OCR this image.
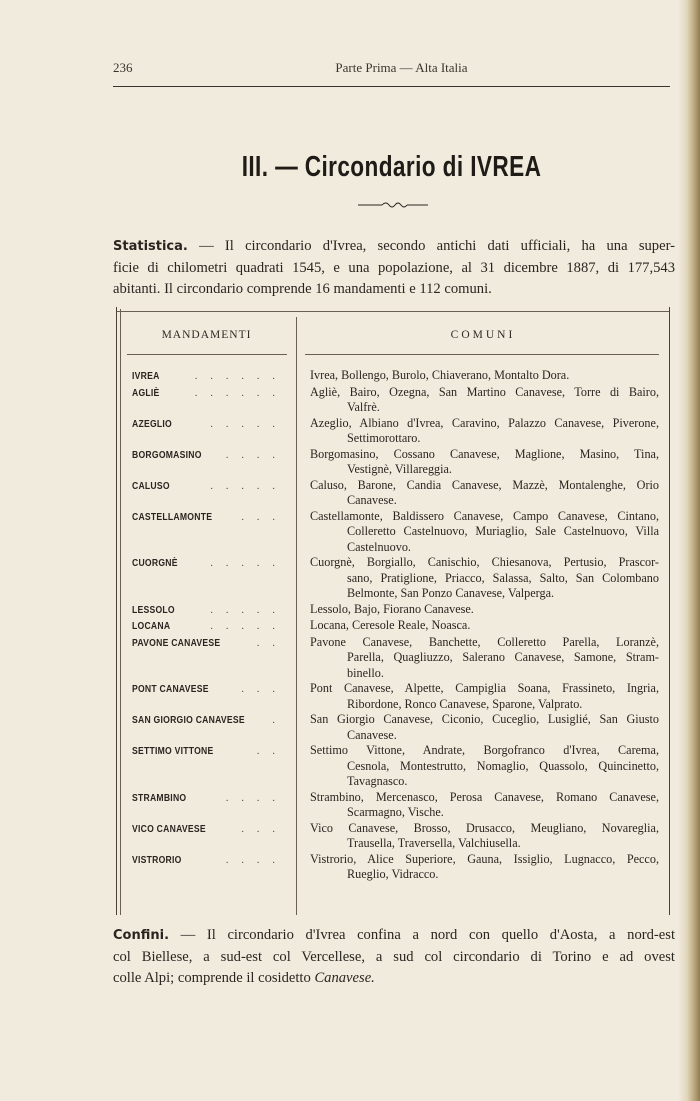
236	Parte Prima — Alta Italia
III. — Circondario di IVREA
Statistica. — Il circondario d'Ivrea, secondo antichi dati ufficiali, ha una super-
ficie di chilometri quadrati 1545, e una popolazione, al 31 dicembre 1887, di 177,543
abitanti. Il circondario comprende 16 mandamenti e 112 comuni.
MANDAMENTI	COMUNI
IVREA	. . . . . . Ivrea, Bollengo, Burolo, Chiaverano, Montalto Dora.
AGLIÈ	. . . . . . Agliè, Bairo, Ozegna, San Martino Canavese, Torre di Bairo,
Valfrè.
AZEGLIO	. . . . . Azeglio, Albiano d'Ivrea, Caravino, Palazzo Canavese, Piverone,
Settimorottaro.
BORGOMASINO	. . . . Borgomasino, Cossano Canavese, Maglione, Masino, Tina,
Vestignè, Villareggia.
CALUSO	. . . . . Caluso, Barone, Candia Canavese, Mazzè, Montalenghe, Orio
Canavese.
CASTELLAMONTE	. . . Castellamonte, Baldissero Canavese, Campo Canavese, Cintano,
Colleretto Castelnuovo, Muriaglio, Sale Castelnuovo, Villa
Castelnuovo.
CUORGNÈ	. . . . . Cuorgnè, Borgiallo, Canischio, Chiesanova, Pertusio, Prascor-
sano, Pratiglione, Priacco, Salassa, Salto, San Colombano
Belmonte, San Ponzo Canavese, Valperga.
LESSOLO	. . . . . Lessolo, Bajo, Fiorano Canavese.
LOCANA	. . . . . Locana, Ceresole Reale, Noasca.
PAVONE CANAVESE	. . Pavone Canavese, Banchette, Colleretto Parella, Loranzè,
Parella, Quagliuzzo, Salerano Canavese, Samone, Stram-
binello.
PONT CANAVESE	. . . Pont Canavese, Alpette, Campiglia Soana, Frassineto, Ingria,
Ribordone, Ronco Canavese, Sparone, Valprato.
SAN GIORGIO CANAVESE	. San Giorgio Canavese, Ciconio, Cuceglio, Lusiglié, San Giusto
Canavese.
SETTIMO VITTONE	. . Settimo Vittone, Andrate, Borgofranco d'Ivrea, Carema,
Cesnola, Montestrutto, Nomaglio, Quassolo, Quincinetto,
Tavagnasco.
STRAMBINO	. . . . Strambino, Mercenasco, Perosa Canavese, Romano Canavese,
Scarmagno, Vische.
VICO CANAVESE	. . . Vico Canavese, Brosso, Drusacco, Meugliano, Novareglia,
Trausella, Traversella, Valchiusella.
VISTRORIO	. . . . Vistrorio, Alice Superiore, Gauna, Issiglio, Lugnacco, Pecco,
Rueglio, Vidracco.
Confini. — Il circondario d'Ivrea confina a nord con quello d'Aosta, a nord-est
col Biellese, a sud-est col Vercellese, a sud col circondario di Torino e ad ovest
colle Alpi; comprende il cosidetto Canavese.
